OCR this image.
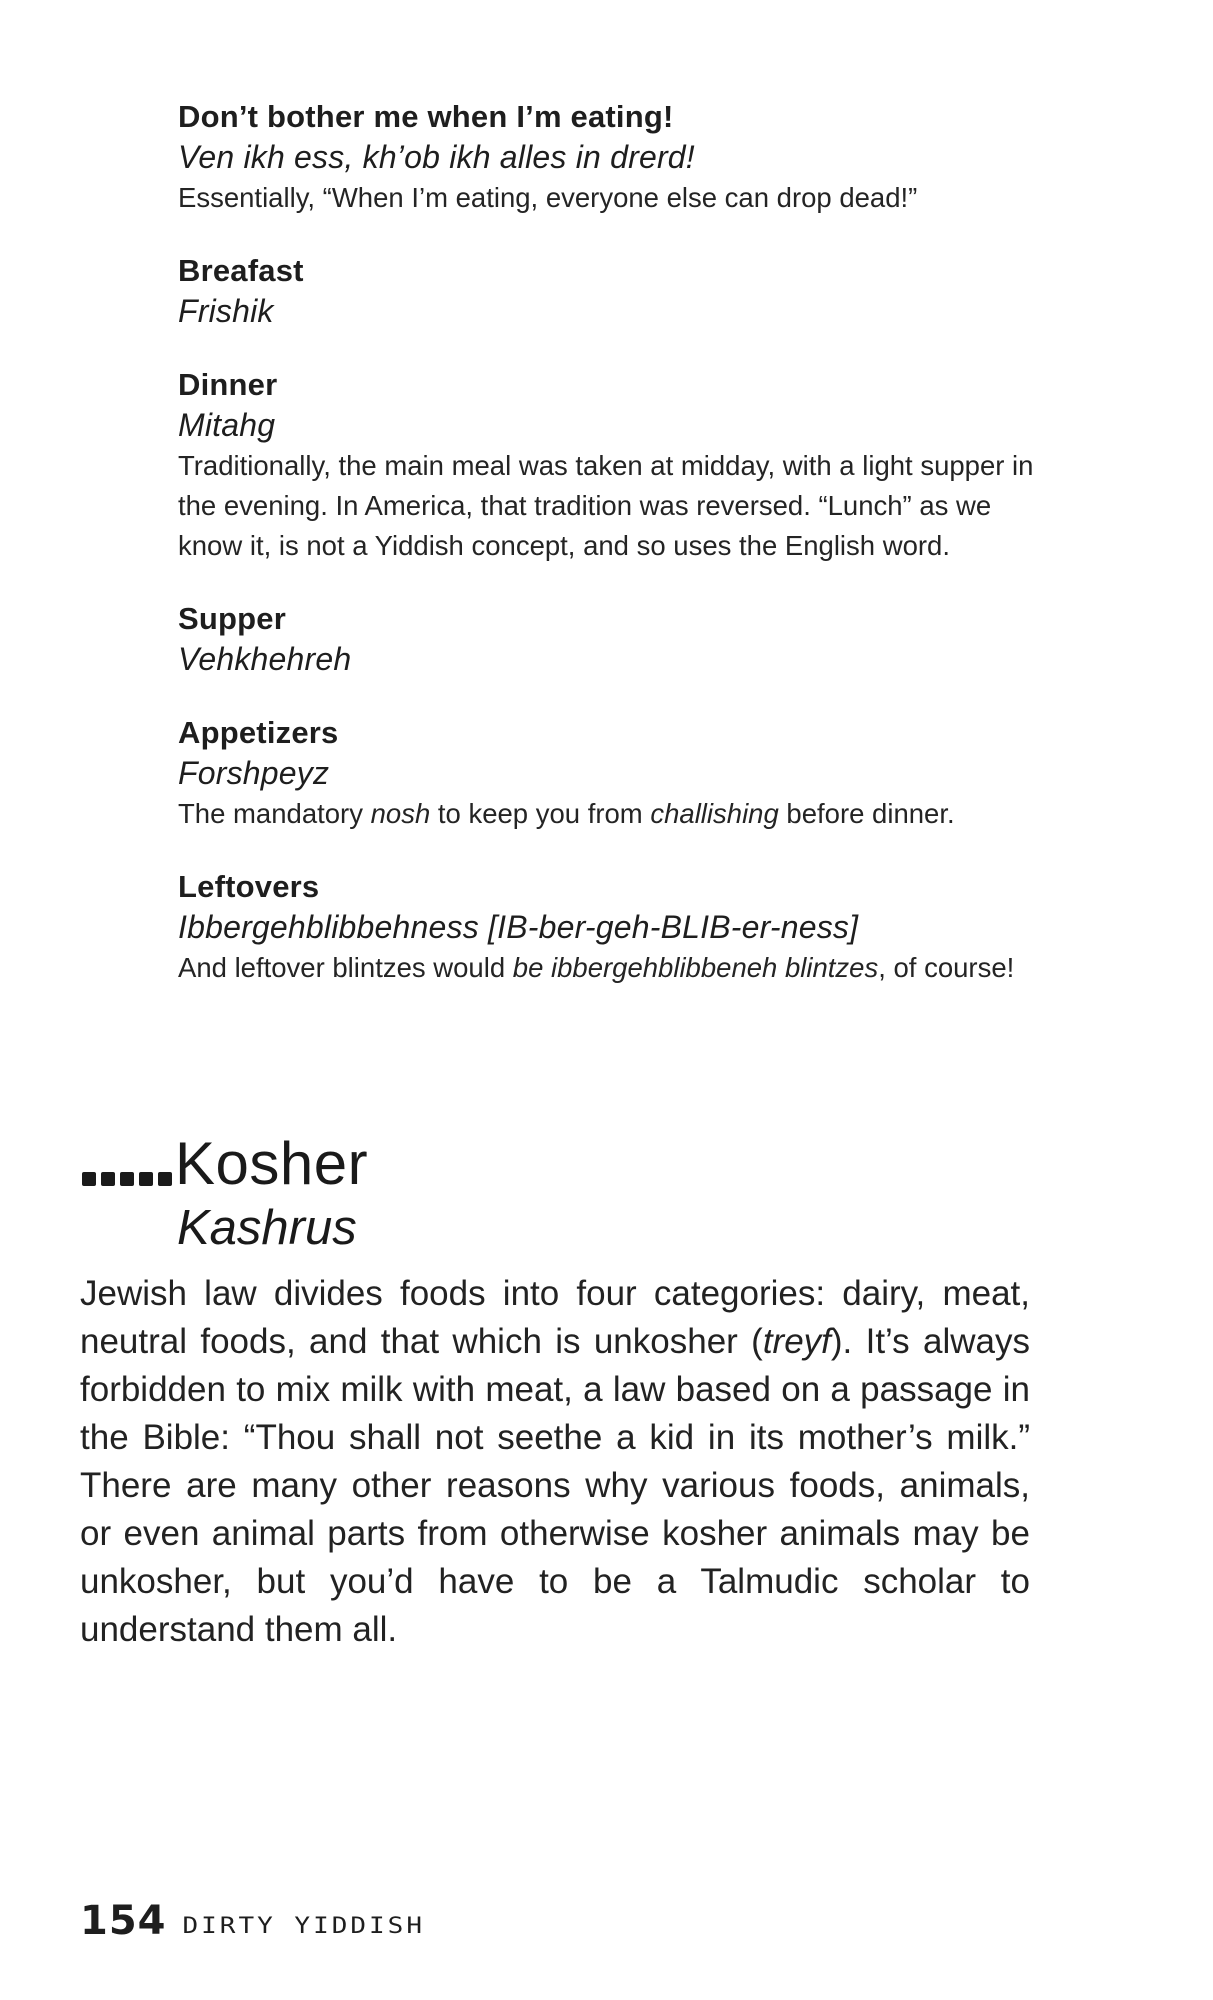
Don’t bother me when I’m eating!
Ven ikh ess, kh’ob ikh alles in drerd!
Essentially, “When I’m eating, everyone else can drop dead!”
Breafast
Frishik
Dinner
Mitahg
Traditionally, the main meal was taken at midday, with a light supper in the evening. In America, that tradition was reversed. “Lunch” as we know it, is not a Yiddish concept, and so uses the English word.
Supper
Vehkhehreh
Appetizers
Forshpeyz
The mandatory nosh to keep you from challishing before dinner.
Leftovers
Ibbergehblibbehness [IB-ber-geh-BLIB-er-ness]
And leftover blintzes would be ibbergehblibbeneh blintzes, of course!
Kosher
Kashrus
Jewish law divides foods into four categories: dairy, meat, neutral foods, and that which is unkosher (treyf). It’s always forbidden to mix milk with meat, a law based on a passage in the Bible: “Thou shall not seethe a kid in its mother’s milk.” There are many other reasons why various foods, animals, or even animal parts from otherwise kosher animals may be unkosher, but you’d have to be a Talmudic scholar to understand them all.
154 DIRTY YIDDISH
